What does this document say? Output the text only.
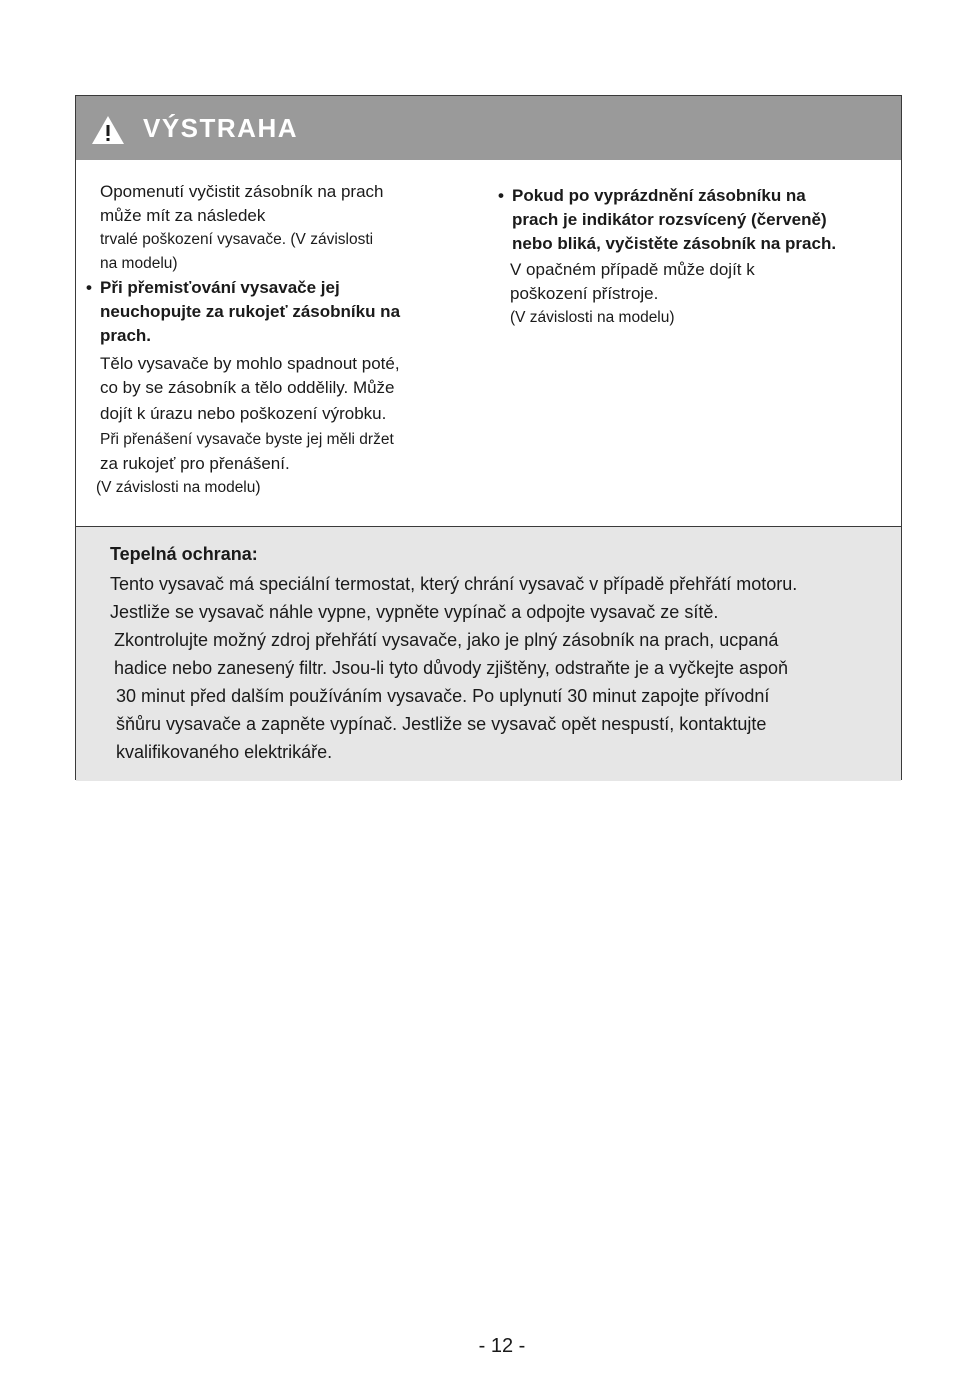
VÝSTRAHA

Opomenutí vyčistit zásobník na prach

může mít za následek

trvalé poškození vysavače. (V závislosti

na modelu)

• Při přemisťování vysavače jej

neuchopujte za rukojeť zásobníku na

prach.

Tělo vysavače by mohlo spadnout poté,

co by se zásobník a tělo oddělily. Může

dojít k úrazu nebo poškození výrobku.

Při přenášení vysavače byste jej měli držet

za rukojeť pro přenášení.

(V závislosti na modelu)

• Pokud po vyprázdnění zásobníku na

prach je indikátor rozsvícený (červeně)

nebo bliká, vyčistěte zásobník na prach.

V opačném případě může dojít k

poškození přístroje.

(V závislosti na modelu)

Tepelná ochrana:

Tento vysavač má speciální termostat, který chrání vysavač v případě přehřátí motoru.

Jestliže se vysavač náhle vypne, vypněte vypínač a odpojte vysavač ze sítě.

Zkontrolujte možný zdroj přehřátí vysavače, jako je plný zásobník na prach, ucpaná

hadice nebo zanesený filtr. Jsou-li tyto důvody zjištěny, odstraňte je a vyčkejte aspoň

30 minut před dalším používáním vysavače. Po uplynutí 30 minut zapojte přívodní

šňůru vysavače a zapněte vypínač. Jestliže se vysavač opět nespustí, kontaktujte

kvalifikovaného elektrikáře.

- 12 -
